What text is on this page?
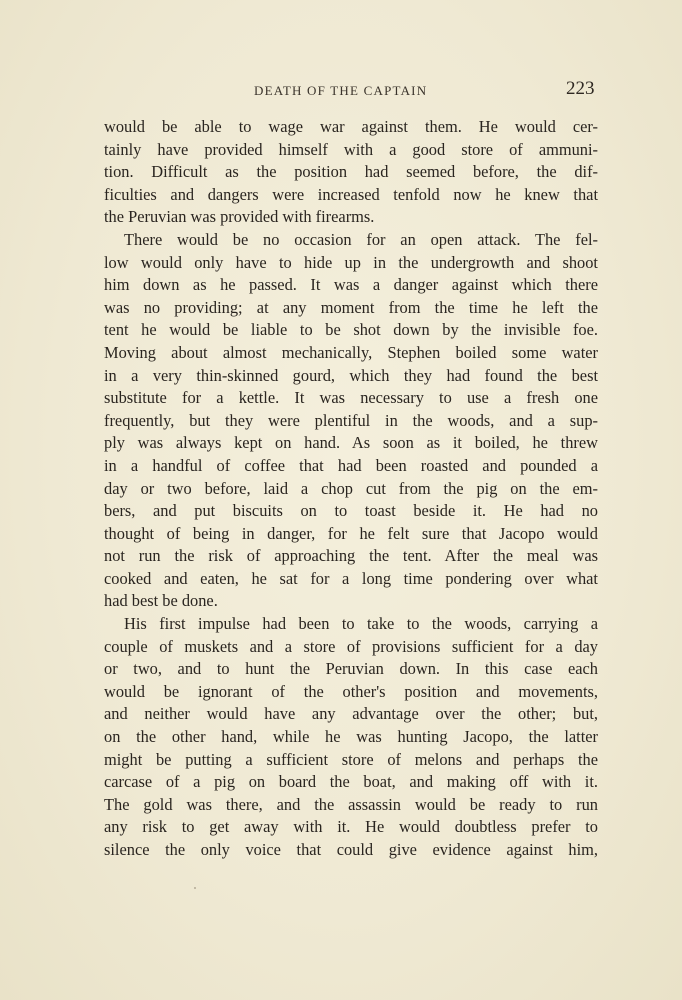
DEATH OF THE CAPTAIN	223
would be able to wage war against them. He would cer-
tainly have provided himself with a good store of ammuni-
tion. Difficult as the position had seemed before, the dif-
ficulties and dangers were increased tenfold now he knew that
the Peruvian was provided with firearms.
There would be no occasion for an open attack. The fel-
low would only have to hide up in the undergrowth and shoot
him down as he passed. It was a danger against which there
was no providing; at any moment from the time he left the
tent he would be liable to be shot down by the invisible foe.
Moving about almost mechanically, Stephen boiled some water
in a very thin-skinned gourd, which they had found the best
substitute for a kettle. It was necessary to use a fresh one
frequently, but they were plentiful in the woods, and a sup-
ply was always kept on hand. As soon as it boiled, he threw
in a handful of coffee that had been roasted and pounded a
day or two before, laid a chop cut from the pig on the em-
bers, and put biscuits on to toast beside it. He had no
thought of being in danger, for he felt sure that Jacopo would
not run the risk of approaching the tent. After the meal was
cooked and eaten, he sat for a long time pondering over what
had best be done.
His first impulse had been to take to the woods, carrying a
couple of muskets and a store of provisions sufficient for a day
or two, and to hunt the Peruvian down. In this case each
would be ignorant of the other's position and movements,
and neither would have any advantage over the other; but,
on the other hand, while he was hunting Jacopo, the latter
might be putting a sufficient store of melons and perhaps the
carcase of a pig on board the boat, and making off with it.
The gold was there, and the assassin would be ready to run
any risk to get away with it. He would doubtless prefer to
silence the only voice that could give evidence against him,
